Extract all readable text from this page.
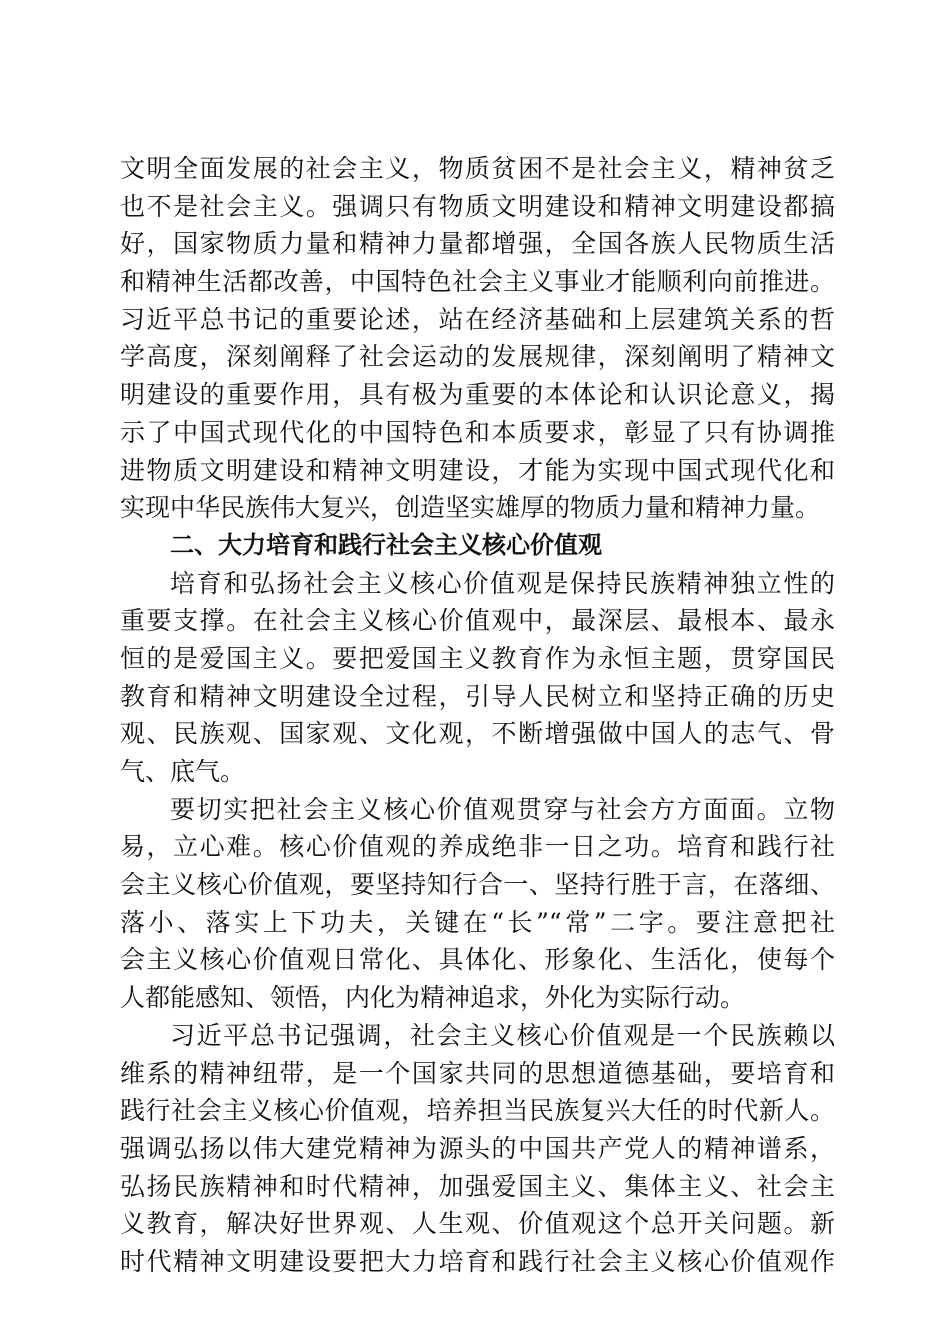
文明全面发展的社会主义，物质贫困不是社会主义，精神贫乏
也不是社会主义。强调只有物质文明建设和精神文明建设都搞
好，国家物质力量和精神力量都增强，全国各族人民物质生活
和精神生活都改善，中国特色社会主义事业才能顺利向前推进。
习近平总书记的重要论述，站在经济基础和上层建筑关系的哲
学高度，深刻阐释了社会运动的发展规律，深刻阐明了精神文
明建设的重要作用，具有极为重要的本体论和认识论意义，揭
示了中国式现代化的中国特色和本质要求，彰显了只有协调推
进物质文明建设和精神文明建设，才能为实现中国式现代化和
实现中华民族伟大复兴，创造坚实雄厚的物质力量和精神力量。
二、大力培育和践行社会主义核心价值观
培育和弘扬社会主义核心价值观是保持民族精神独立性的
重要支撑。在社会主义核心价值观中，最深层、最根本、最永
恒的是爱国主义。要把爱国主义教育作为永恒主题，贯穿国民
教育和精神文明建设全过程，引导人民树立和坚持正确的历史
观、民族观、国家观、文化观，不断增强做中国人的志气、骨
气、底气。
要切实把社会主义核心价值观贯穿与社会方方面面。立物
易，立心难。核心价值观的养成绝非一日之功。培育和践行社
会主义核心价值观，要坚持知行合一、坚持行胜于言，在落细、
落小、落实上下功夫，关键在“长”“常”二字。要注意把社
会主义核心价值观日常化、具体化、形象化、生活化，使每个
人都能感知、领悟，内化为精神追求，外化为实际行动。
习近平总书记强调，社会主义核心价值观是一个民族赖以
维系的精神纽带，是一个国家共同的思想道德基础，要培育和
践行社会主义核心价值观，培养担当民族复兴大任的时代新人。
强调弘扬以伟大建党精神为源头的中国共产党人的精神谱系，
弘扬民族精神和时代精神，加强爱国主义、集体主义、社会主
义教育，解决好世界观、人生观、价值观这个总开关问题。新
时代精神文明建设要把大力培育和践行社会主义核心价值观作
